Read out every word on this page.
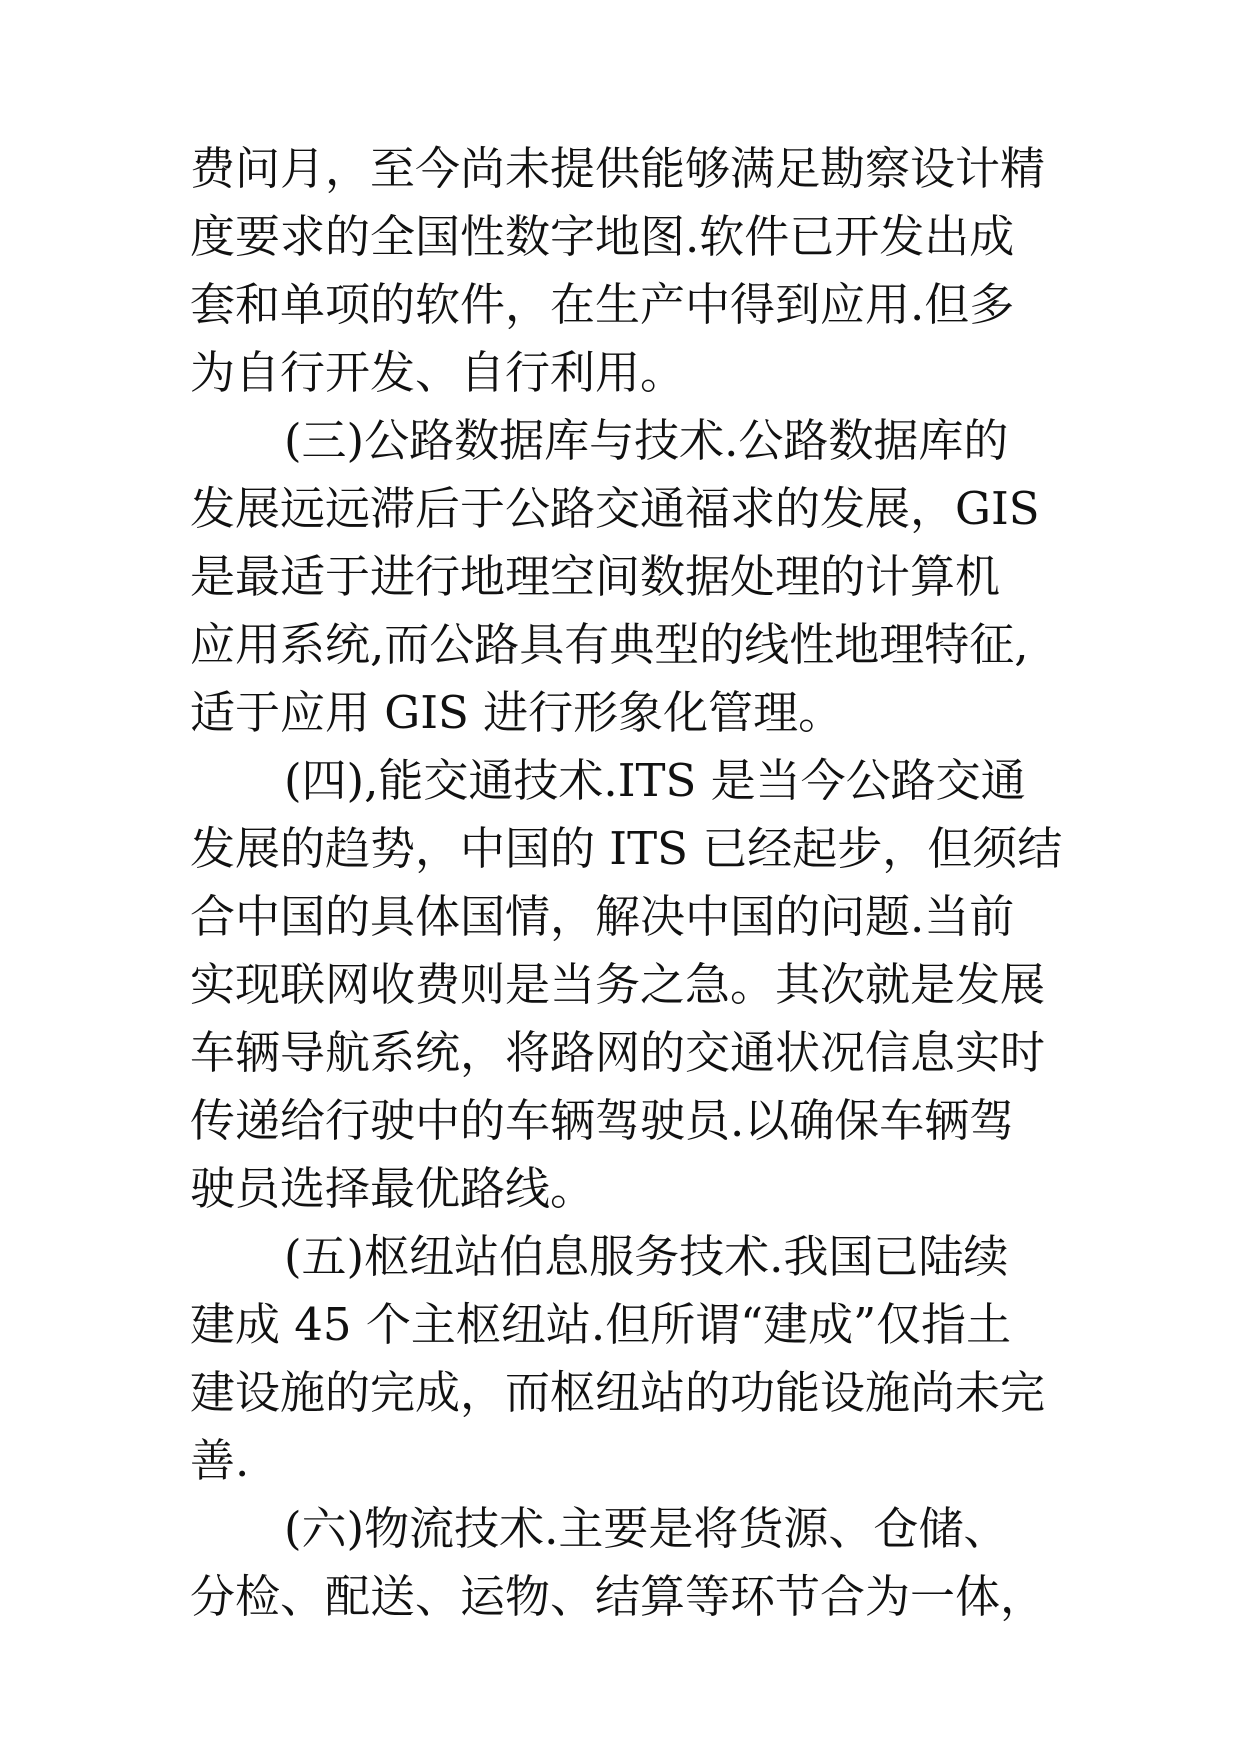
费问月，至今尚未提供能够满足勘察设计精
度要求的全国性数字地图.软件已开发出成
套和单项的软件，在生产中得到应用.但多
为自行开发、自行利用。
(三)公路数据库与技术.公路数据库的
发展远远滞后于公路交通福求的发展，GIS
是最适于进行地理空间数据处理的计算机
应用系统,而公路具有典型的线性地理特征,
适于应用 GIS 进行形象化管理。
(四),能交通技术.ITS 是当今公路交通
发展的趋势，中国的 ITS 已经起步，但须结
合中国的具体国情，解决中国的问题.当前
实现联网收费则是当务之急。其次就是发展
车辆导航系统，将路网的交通状况信息实时
传递给行驶中的车辆驾驶员.以确保车辆驾
驶员选择最优路线。
(五)枢纽站伯息服务技术.我国已陆续
建成 45 个主枢纽站.但所谓“建成”仅指土
建设施的完成，而枢纽站的功能设施尚未完
善.
(六)物流技术.主要是将货源、仓储、
分检、配送、运物、结算等环节合为一体，
